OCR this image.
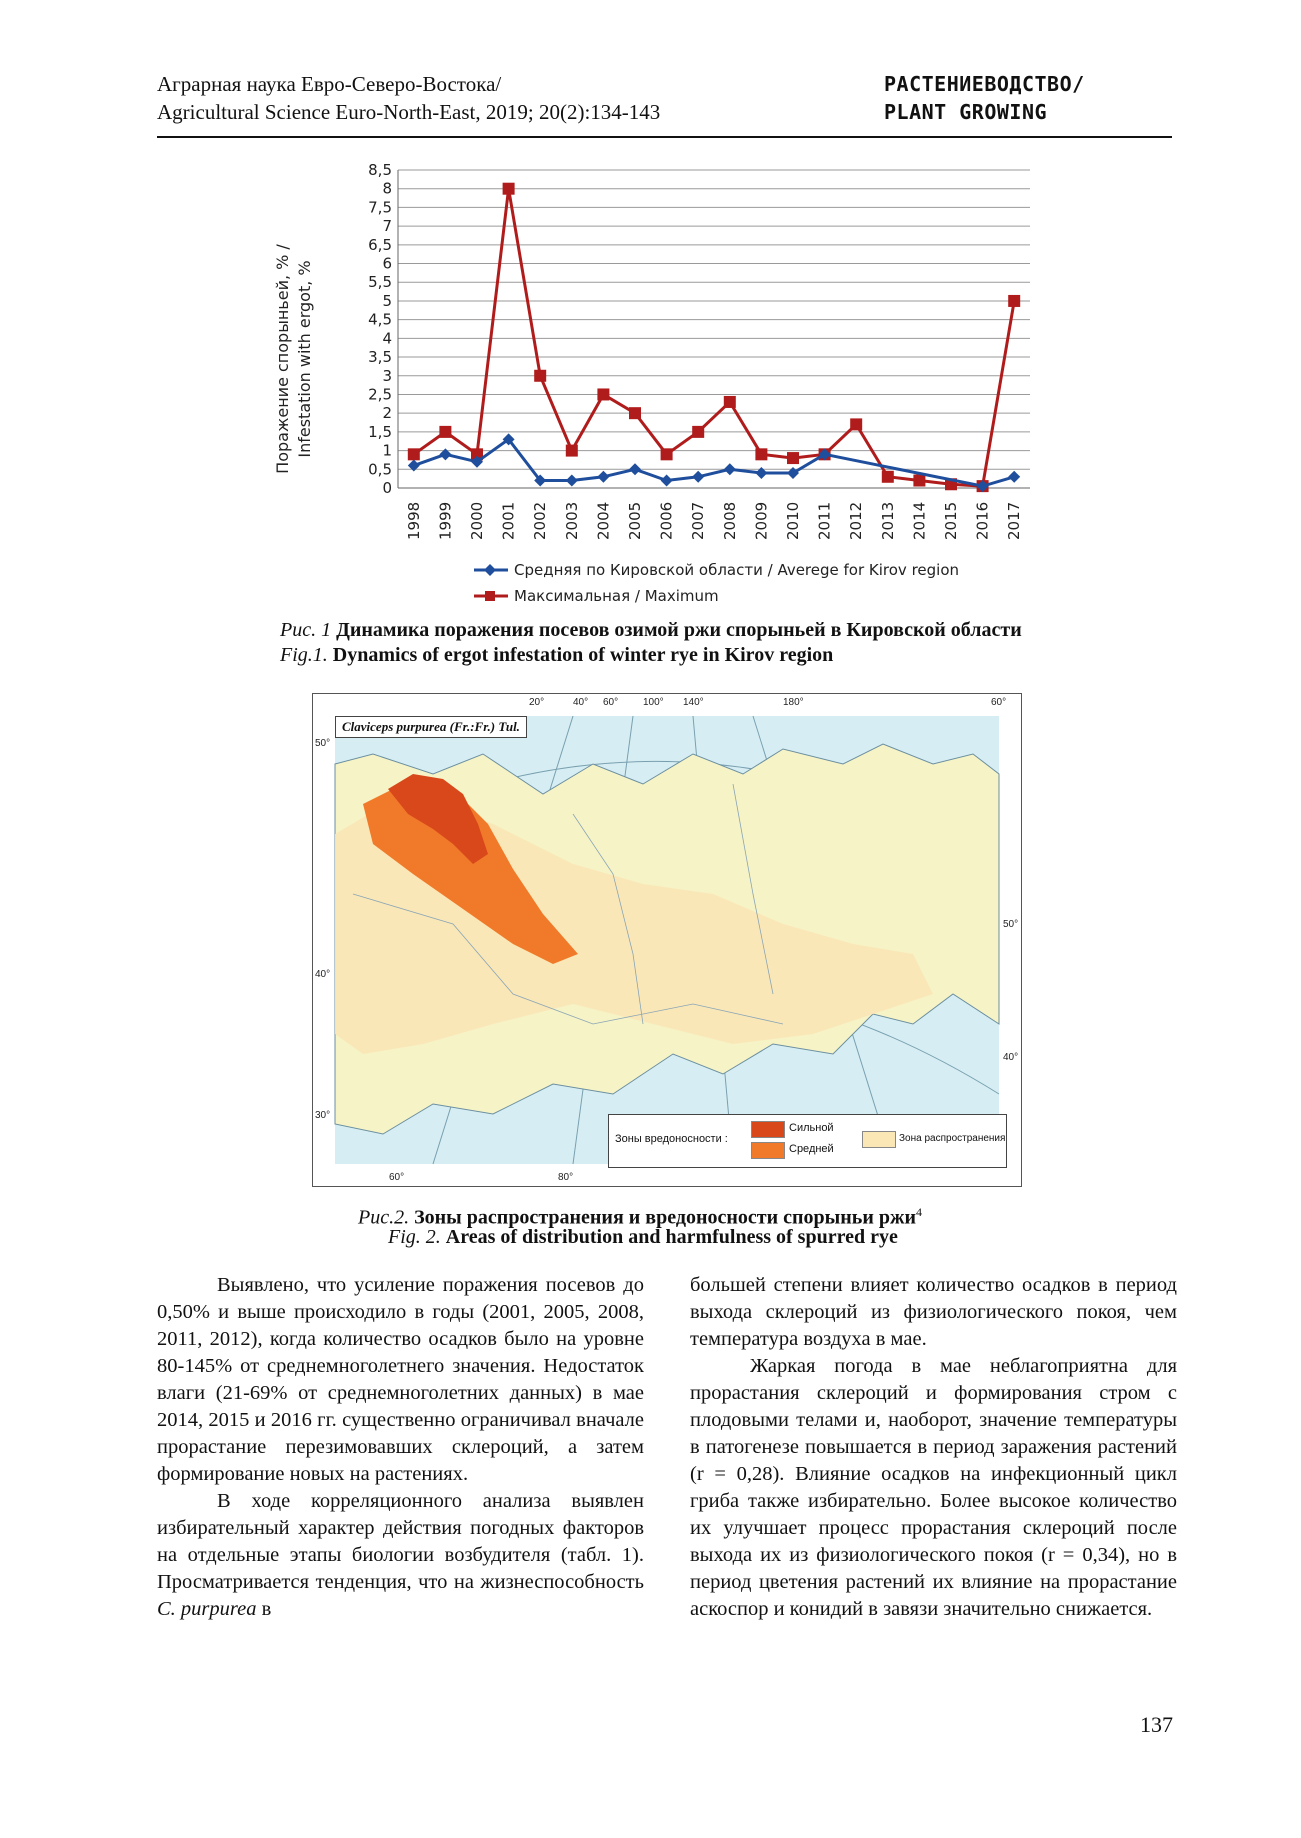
Аграрная наука Евро-Северо-Востока/
Agricultural Science Euro-North-East, 2019; 20(2):134-143
РАСТЕНИЕВОДСТВО/
PLANT GROWING
0
0,5
1
1,5
2
2,5
3
3,5
4
4,5
5
5,5
6
6,5
7
7,5
8
8,5
1998 1999 2000 2001 2002 2003 2004 2005 2006 2007 2008 2009 2010 2011 2012 2013 2014 2015 2016 2017
Поражение спорыньей, % / Infestation with ergot, %
Средняя по Кировской области / Averege for Kirov region
Максимальная / Maximum
Рис. 1 Динамика поражения посевов озимой ржи спорыньей в Кировской области
Fig.1. Dynamics of ergot infestation of winter rye in Kirov region
Claviceps purpurea (Fr.:Fr.) Tul.
20°	40° 60° 100° 140°	180°	60°
50°
40°
30°
50°
40°
60°	80°
Зоны вредоносности :
Сильной
Средней
Зона распространения
Рис.2. Зоны распространения и вредоносности спорыньи ржи$^4$
Fig. 2. Areas of distribution and harmfulness of spurred rye

Выявлено, что усиление поражения посевов до 0,50% и выше происходило в годы (2001, 2005, 2008, 2011, 2012), когда количество осадков было на уровне 80-145% от среднемноголетнего значения. Недостаток влаги (21-69% от среднемноголетних данных) в мае 2014, 2015 и 2016 гг. существенно ограничивал вначале прорастание перезимовавших склероций, а затем формирование новых на растениях.

В ходе корреляционного анализа выявлен избирательный характер действия погодных факторов на отдельные этапы биологии возбудителя (табл. 1). Просматривается тенденция, что на жизнеспособность C. purpurea в

большей степени влияет количество осадков в период выхода склероций из физиологического покоя, чем температура воздуха в мае.

Жаркая погода в мае неблагоприятна для прорастания склероций и формирования стром с плодовыми телами и, наоборот, значение температуры в патогенезе повышается в период заражения растений (r = 0,28). Влияние осадков на инфекционный цикл гриба также избирательно. Более высокое количество их улучшает процесс прорастания склероций после выхода их из физиологического покоя (r = 0,34), но в период цветения растений их влияние на прорастание аскоспор и конидий в завязи значительно снижается.

137
